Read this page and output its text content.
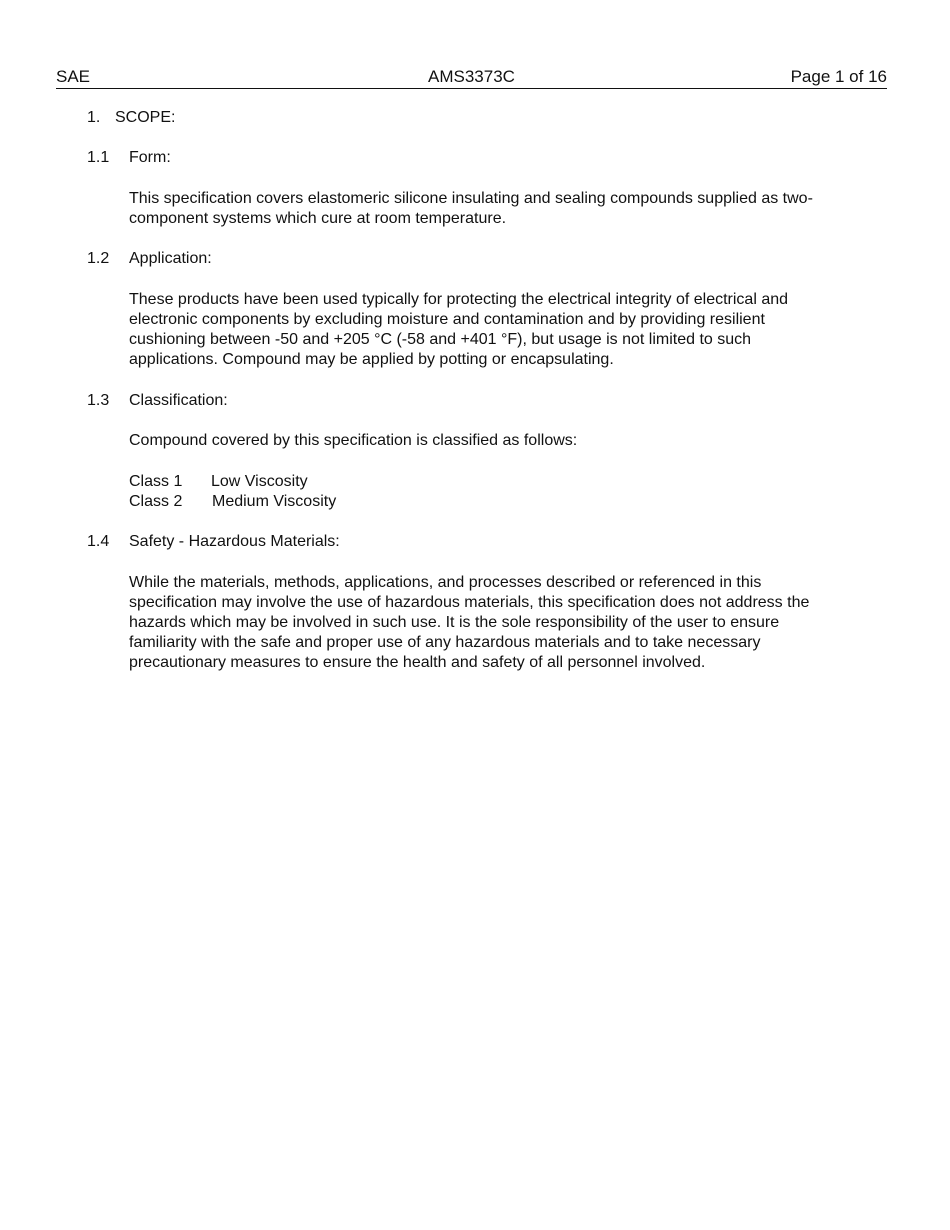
SAE	AMS3373C	Page 1 of 16
1. SCOPE:
1.1 Form:
This specification covers elastomeric silicone insulating and sealing compounds supplied as two-
component systems which cure at room temperature.
1.2 Application:
These products have been used typically for protecting the electrical integrity of electrical and
electronic components by excluding moisture and contamination and by providing resilient
cushioning between -50 and +205 °C (-58 and +401 °F), but usage is not limited to such
applications. Compound may be applied by potting or encapsulating.
1.3 Classification:
Compound covered by this specification is classified as follows:
Class 1 Low Viscosity
Class 2 Medium Viscosity
1.4 Safety - Hazardous Materials:
While the materials, methods, applications, and processes described or referenced in this
specification may involve the use of hazardous materials, this specification does not address the
hazards which may be involved in such use. It is the sole responsibility of the user to ensure
familiarity with the safe and proper use of any hazardous materials and to take necessary
precautionary measures to ensure the health and safety of all personnel involved.
